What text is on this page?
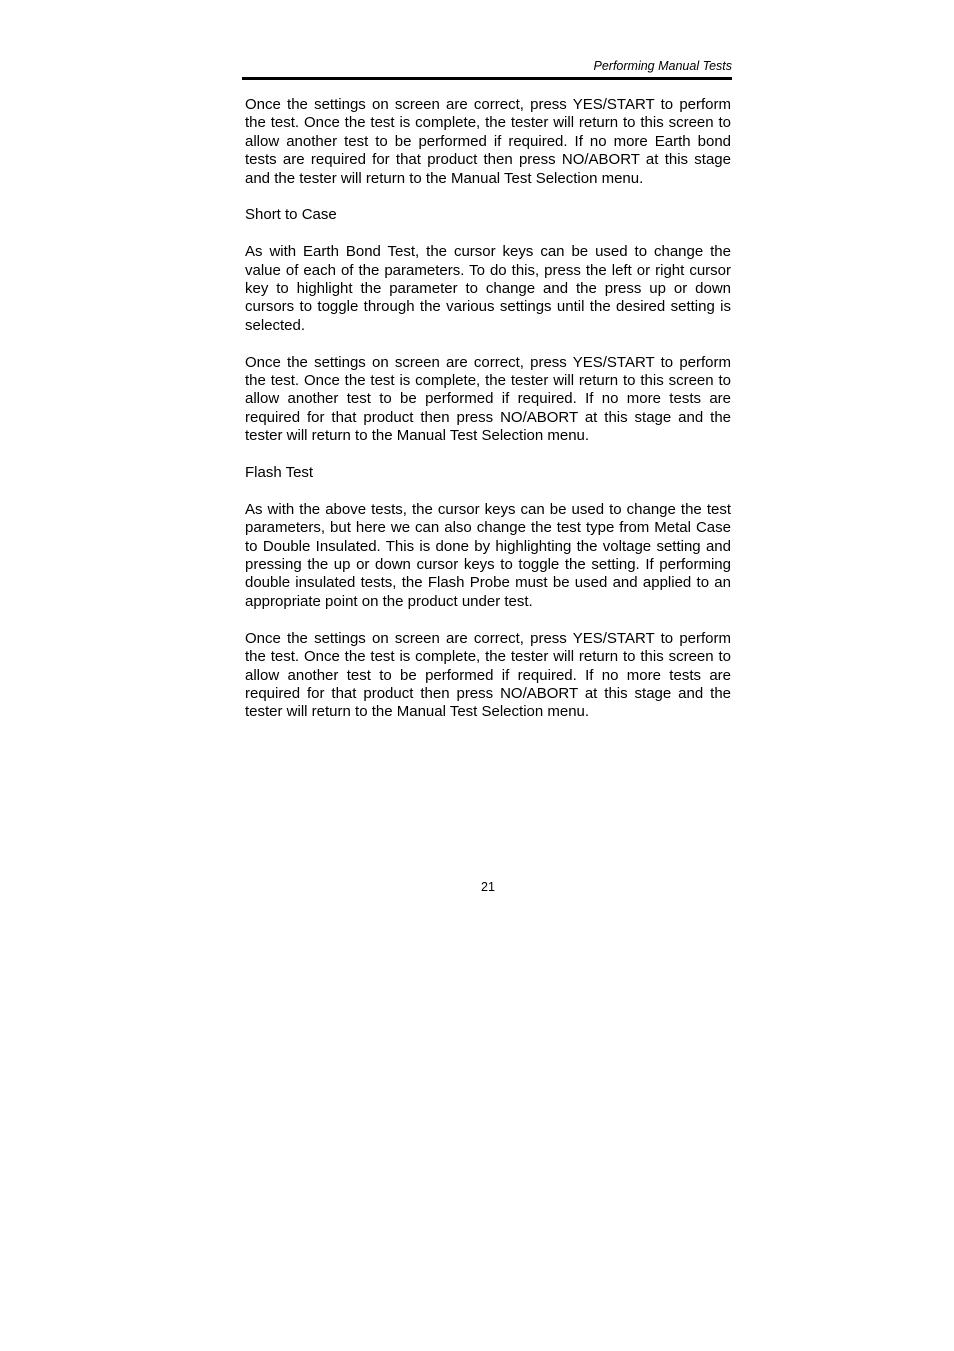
Performing Manual Tests

Once the settings on screen are correct, press YES/START to perform the test. Once the test is complete, the tester will return to this screen to allow another test to be performed if required. If no more Earth bond tests are required for that product then press NO/ABORT at this stage and the tester will return to the Manual Test Selection menu.

Short to Case

As with Earth Bond Test, the cursor keys can be used to change the value of each of the parameters. To do this, press the left or right cursor key to highlight the parameter to change and the press up or down cursors to toggle through the various settings until the desired setting is selected.

Once the settings on screen are correct, press YES/START to perform the test. Once the test is complete, the tester will return to this screen to allow another test to be performed if required. If no more tests are required for that product then press NO/ABORT at this stage and the tester will return to the Manual Test Selection menu.

Flash Test

As with the above tests, the cursor keys can be used to change the test parameters, but here we can also change the test type from Metal Case to Double Insulated. This is done by highlighting the voltage setting and pressing the up or down cursor keys to toggle the setting. If performing double insulated tests, the Flash Probe must be used and applied to an appropriate point on the product under test.

Once the settings on screen are correct, press YES/START to perform the test. Once the test is complete, the tester will return to this screen to allow another test to be performed if required. If no more tests are required for that product then press NO/ABORT at this stage and the tester will return to the Manual Test Selection menu.

21
